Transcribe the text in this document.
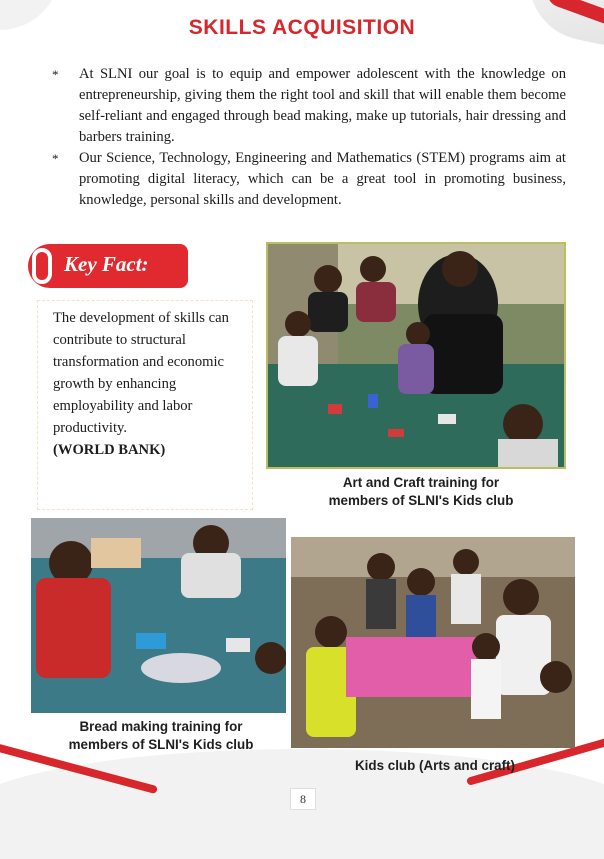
SKILLS ACQUISITION
*	At SLNI our goal is to equip and empower adolescent with the knowledge on entrepreneurship, giving them the right tool and skill that will enable them become self-reliant and engaged through bead making, make up tutorials, hair dressing and barbers training.
*	Our Science, Technology, Engineering and Mathematics (STEM) programs aim at promoting digital literacy, which can be a great tool in promoting business, knowledge, personal skills and development.
Key Fact:
The development of skills can contribute to structural transformation and economic growth by enhancing employability and labor productivity.
(WORLD BANK)
Art and Craft training for
members of SLNI's Kids club
Bread making training for
members of SLNI's Kids club
Kids club (Arts and craft)
8
